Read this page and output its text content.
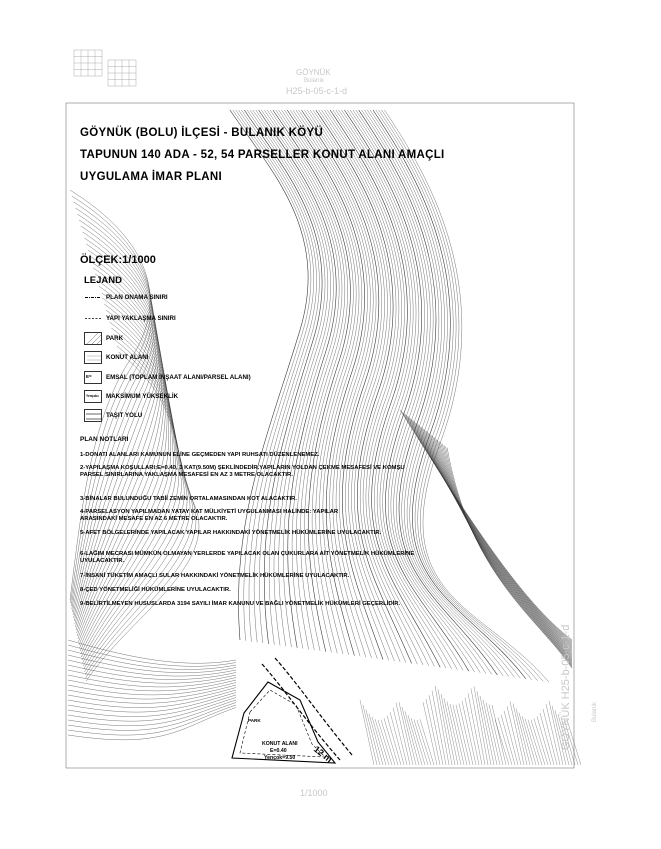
GÖYNÜK
Bulanık
H25-b-05-c-1-d
GÖYNÜK H25-b-05-c-1-d	Bulanık
1/1000
GÖYNÜK (BOLU) İLÇESİ - BULANIK KÖYÜ
TAPUNUN 140 ADA - 52, 54 PARSELLER KONUT ALANI AMAÇLI
UYGULAMA İMAR PLANI
ÖLÇEK:1/1000
LEJAND
PLAN ONAMA SINIRI
YAPI YAKLAŞMA SINIRI
PARK
KONUT ALANI
E= EMSAL (TOPLAM İNŞAAT ALANI/PARSEL ALANI)
Yençok= MAKSİMUM YÜKSEKLİK
TAŞIT YOLU
PLAN NOTLARI
1-DONATI ALANLARI KAMUNUN ELİNE GEÇMEDEN YAPI RUHSATI DÜZENLENEMEZ.
2-YAPILAŞMA KOŞULLARI:E=0.40, 3 KAT(9.50M) ŞEKLİNDEDİR.YAPILARIN YOLDAN ÇEKME MESAFESİ VE KOMŞU PARSEL SINIRLARINA YAKLAŞMA MESAFESİ EN AZ 3 METRE OLACAKTIR.
3-BİNALAR BULUNDUĞU TABİİ ZEMİN ORTALAMASINDAN KOT ALACAKTIR.
4-PARSELASYON YAPILMADAN YATAY KAT MÜLKİYETİ UYGULANMASI HALİNDE: YAPILAR ARASINDAKİ MESAFE EN AZ 6 METRE OLACAKTIR.
5-AFET BÖLGELERİNDE YAPILACAK YAPILAR HAKKINDAKİ YÖNETMELİK HÜKÜMLERİNE UYULACAKTIR.
6-LAĞIM MECRASI MÜMKÜN OLMAYAN YERLERDE YAPILACAK OLAN ÇUKURLARA AİT YÖNETMELİK HÜKÜMLERİNE UYULACAKTIR.
7-İNSANİ TÜKETİM AMAÇLI SULAR HAKKINDAKİ YÖNETMELİK HÜKÜMLERİNE UYULACAKTIR.
8-ÇED YÖNETMELİĞİ HÜKÜMLERİNE UYULACAKTIR.
9-BELİRTİLMEYEN HUSUSLARDA 3194 SAYILI İMAR KANUNU VE BAĞLI YÖNETMELİK HÜKÜMLERİ GEÇERLİDİR.
PARK
KONUT ALANI
E=0.40
Yençok=9.50 12 m
